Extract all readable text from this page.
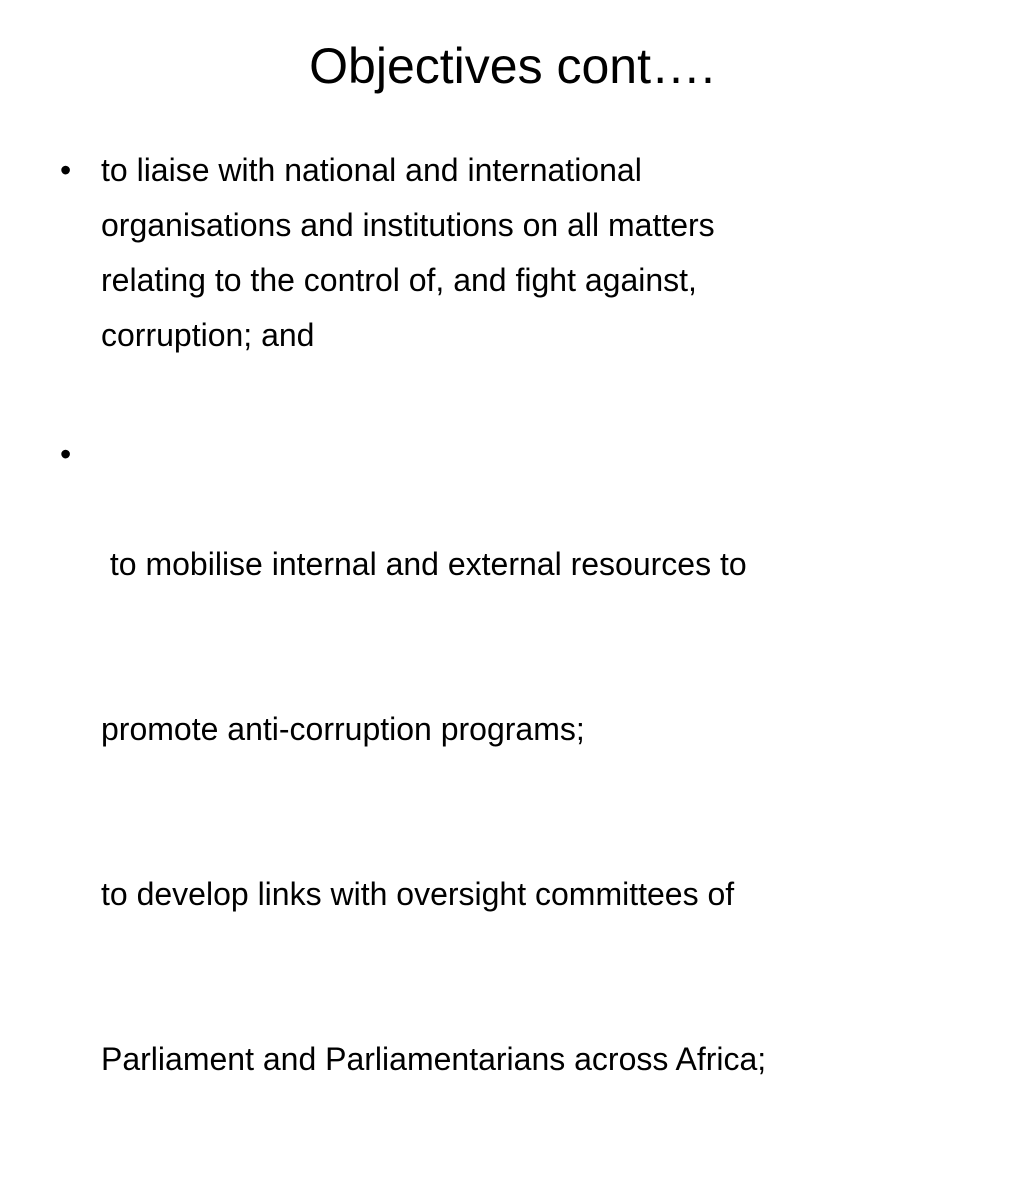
Objectives cont….
• to liaise with national and international
organisations and institutions on all matters
relating to the control of, and fight against,
corruption; and
•

to mobilise internal and external resources to

promote anti-corruption programs;

to develop links with oversight committees of

Parliament and Parliamentarians across Africa;
